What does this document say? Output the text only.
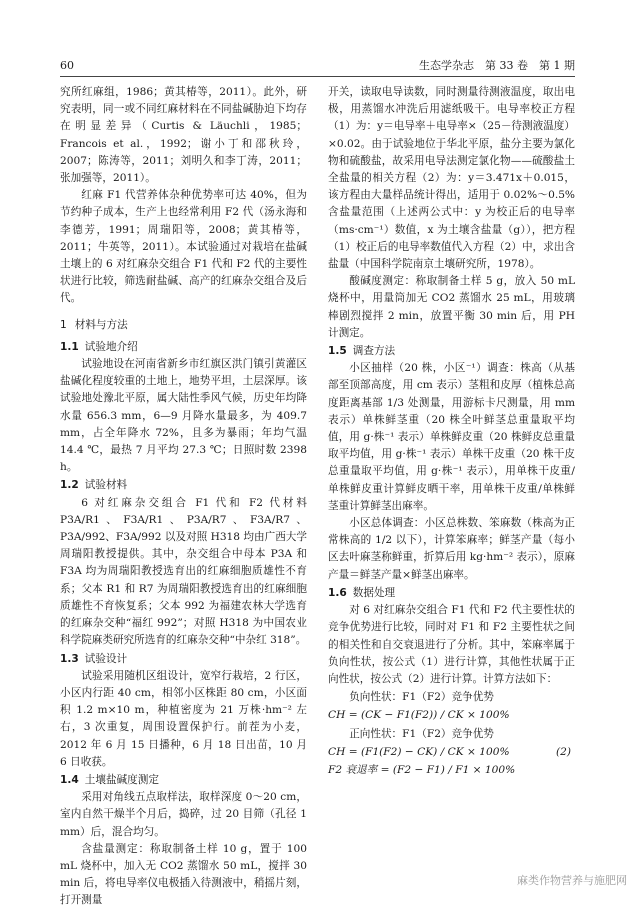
60	生态学杂志　第 33 卷　第 1 期

究所红麻组，1986；黄其椿等，2011）。此外，研究表明，同一或不同红麻材料在不同盐碱胁迫下均存在明显差异（Curtis & Läuchli，1985；Francois et al.，1992；谢小丁和邵秋玲，2007；陈涛等，2011；刘明久和李丁涛，2011；张加强等，2011）。

红麻 F1 代营养体杂种优势率可达 40%，但为节约种子成本，生产上也经常利用 F2 代（汤永海和李德芳，1991；周瑞阳等，2008；黄其椿等，2011；牛英等，2011）。本试验通过对栽培在盐碱土壤上的 6 对红麻杂交组合 F1 代和 F2 代的主要性状进行比较，筛选耐盐碱、高产的红麻杂交组合及后代。

1 材料与方法

1.1 试验地介绍

试验地设在河南省新乡市红旗区洪门镇引黄灌区盐碱化程度较重的土地上，地势平坦，土层深厚。该试验地处豫北平原，属大陆性季风气候，历史年均降水量 656.3 mm，6—9 月降水量最多，为 409.7 mm，占全年降水 72%，且多为暴雨；年均气温 14.4 ℃，最热 7 月平均 27.3 ℃；日照时数 2398 h。

1.2 试验材料

6 对红麻杂交组合 F1 代和 F2 代材料 P3A/R1、F3A/R1、P3A/R7、F3A/R7、P3A/992、F3A/992 以及对照 H318 均由广西大学周瑞阳教授提供。其中，杂交组合中母本 P3A 和 F3A 均为周瑞阳教授选育出的红麻细胞质雄性不育系；父本 R1 和 R7 为周瑞阳教授选育出的红麻细胞质雄性不育恢复系；父本 992 为福建农林大学选育的红麻杂交种“福红 992”；对照 H318 为中国农业科学院麻类研究所选育的红麻杂交种“中杂红 318”。

1.3 试验设计

试验采用随机区组设计，宽窄行栽培，2 行区，小区内行距 40 cm，相邻小区株距 80 cm，小区面积 1.2 m×10 m，种植密度为 21 万株·hm⁻² 左右，3 次重复，周围设置保护行。前茬为小麦，2012 年 6 月 15 日播种，6 月 18 日出苗，10 月 6 日收获。

1.4 土壤盐碱度测定

采用对角线五点取样法，取样深度 0～20 cm，室内自然干燥半个月后，捣碎，过 20 目筛（孔径 1 mm）后，混合均匀。

含盐量测定：称取制备土样 10 g，置于 100 mL 烧杯中，加入无 CO2 蒸馏水 50 mL，搅拌 30 min 后，将电导率仪电极插入待测液中，稍摇片刻，打开测量

开关，读取电导读数，同时测量待测液温度，取出电极，用蒸馏水冲洗后用滤纸吸干。电导率校正方程（1）为：y＝电导率＋电导率×（25－待测液温度）×0.02。由于试验地位于华北平原，盐分主要为氯化物和硫酸盐，故采用电导法测定氯化物——硫酸盐土全盐量的相关方程（2）为：y＝3.471x＋0.015，该方程由大量样品统计得出，适用于 0.02%～0.5% 含盐量范围（上述两公式中：y 为校正后的电导率（ms·cm⁻¹）数值，x 为土壤含盐量（g）），把方程（1）校正后的电导率数值代入方程（2）中，求出含盐量（中国科学院南京土壤研究所，1978）。

酸碱度测定：称取制备土样 5 g，放入 50 mL 烧杯中，用量筒加无 CO2 蒸馏水 25 mL，用玻璃棒剧烈搅拌 2 min，放置平衡 30 min 后，用 PH 计测定。

1.5 调查方法

小区抽样（20 株，小区⁻¹）调查：株高（从基部至顶部高度，用 cm 表示）茎粗和皮厚（植株总高度距离基部 1/3 处测量，用游标卡尺测量，用 mm 表示）单株鲜茎重（20 株全叶鲜茎总重量取平均值，用 g·株⁻¹ 表示）单株鲜皮重（20 株鲜皮总重量取平均值，用 g·株⁻¹ 表示）单株干皮重（20 株干皮总重量取平均值，用 g·株⁻¹ 表示），用单株干皮重/单株鲜皮重计算鲜皮晒干率，用单株干皮重/单株鲜茎重计算鲜茎出麻率。

小区总体调查：小区总株数、笨麻数（株高为正常株高的 1/2 以下），计算笨麻率；鲜茎产量（每小区去叶麻茎称鲜重，折算后用 kg·hm⁻² 表示），原麻产量＝鲜茎产量×鲜茎出麻率。

1.6 数据处理

对 6 对红麻杂交组合 F1 代和 F2 代主要性状的竞争优势进行比较，同时对 F1 和 F2 主要性状之间的相关性和自交衰退进行了分析。其中，笨麻率属于负向性状，按公式（1）进行计算，其他性状属于正向性状，按公式（2）进行计算。计算方法如下：

负向性状：F1（F2）竞争优势

CH = (CK − F1(F2)) / CK × 100%

正向性状：F1（F2）竞争优势

(2)
CH = (F1(F2) − CK) / CK × 100%

F2 衰退率 = (F2 − F1) / F1 × 100%

麻类作物营养与施肥网
